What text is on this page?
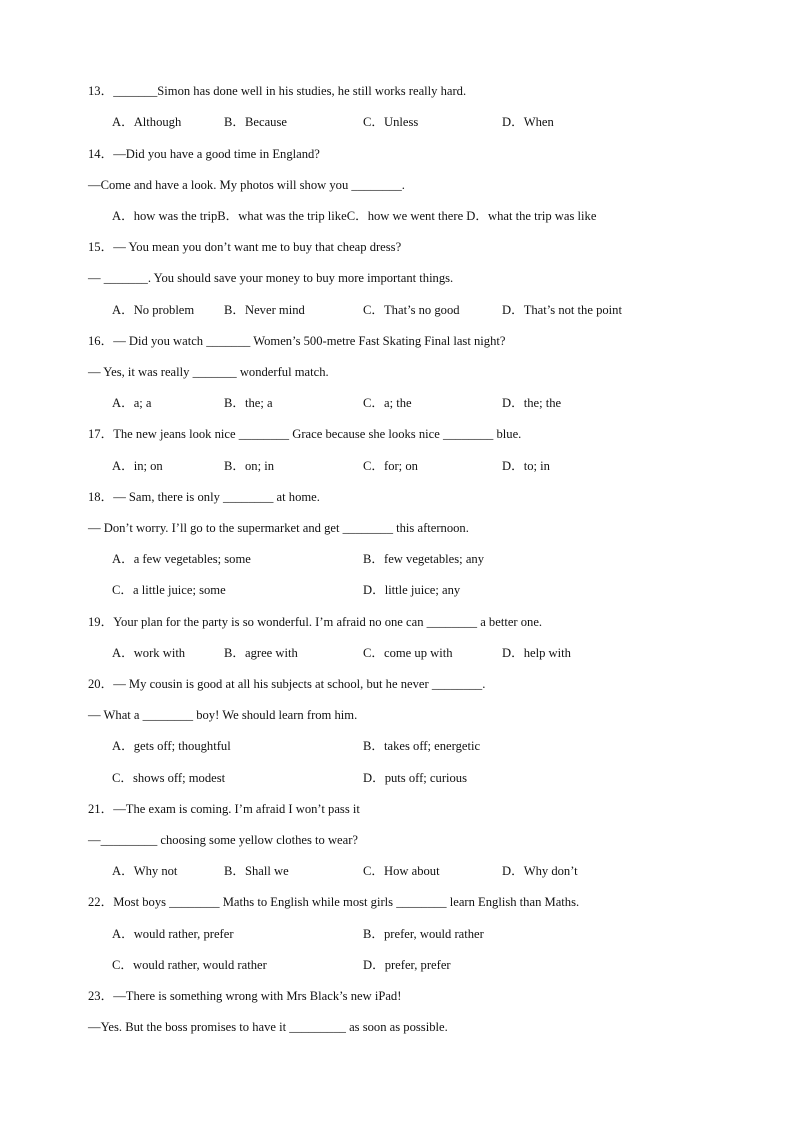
13．_______Simon has done well in his studies, he still works really hard.

A．Although

	B．Because

	C．Unless

	D．When

14．—Did you have a good time in England?
—Come and have a look. My photos will show you ________.

A．how was the tripB．what was the trip likeC．how we went there D．what the trip was like

15．— You mean you don’t want me to buy that cheap dress?
— _______. You should save your money to buy more important things.

A．No problem

B．Never mind

	C．That’s no good

	D．That’s not the point

16．— Did you watch _______ Women’s 500-metre Fast Skating Final last night?
— Yes, it was really _______ wonderful match.

A．a; a

	B．the; a

	C．a; the

	D．the; the

17．The new jeans look nice ________ Grace because she looks nice ________ blue.

A．in; on

	B．on; in

	C．for; on

	D．to; in

18．— Sam, there is only ________ at home.
— Don’t worry. I’ll go to the supermarket and get ________ this afternoon.

A．a few vegetables; some

	B．few vegetables; any

C．a little juice; some

	D．little juice; any

19．Your plan for the party is so wonderful. I’m afraid no one can ________ a better one.

A．work with

	B．agree with

	C．come up with

	D．help with

20．— My cousin is good at all his subjects at school, but he never ________.
— What a ________ boy! We should learn from him.

A．gets off; thoughtful

	B．takes off; energetic

C．shows off; modest

	D．puts off; curious

21．—The exam is coming. I’m afraid I won’t pass it
—_________ choosing some yellow clothes to wear?

A．Why not

	B．Shall we

	C．How about

	D．Why don’t

22．Most boys ________ Maths to English while most girls ________ learn English than Maths.

A．would rather, prefer

	B．prefer, would rather

C．would rather, would rather

	D．prefer, prefer

23．—There is something wrong with Mrs Black’s new iPad!
—Yes. But the boss promises to have it _________ as soon as possible.
